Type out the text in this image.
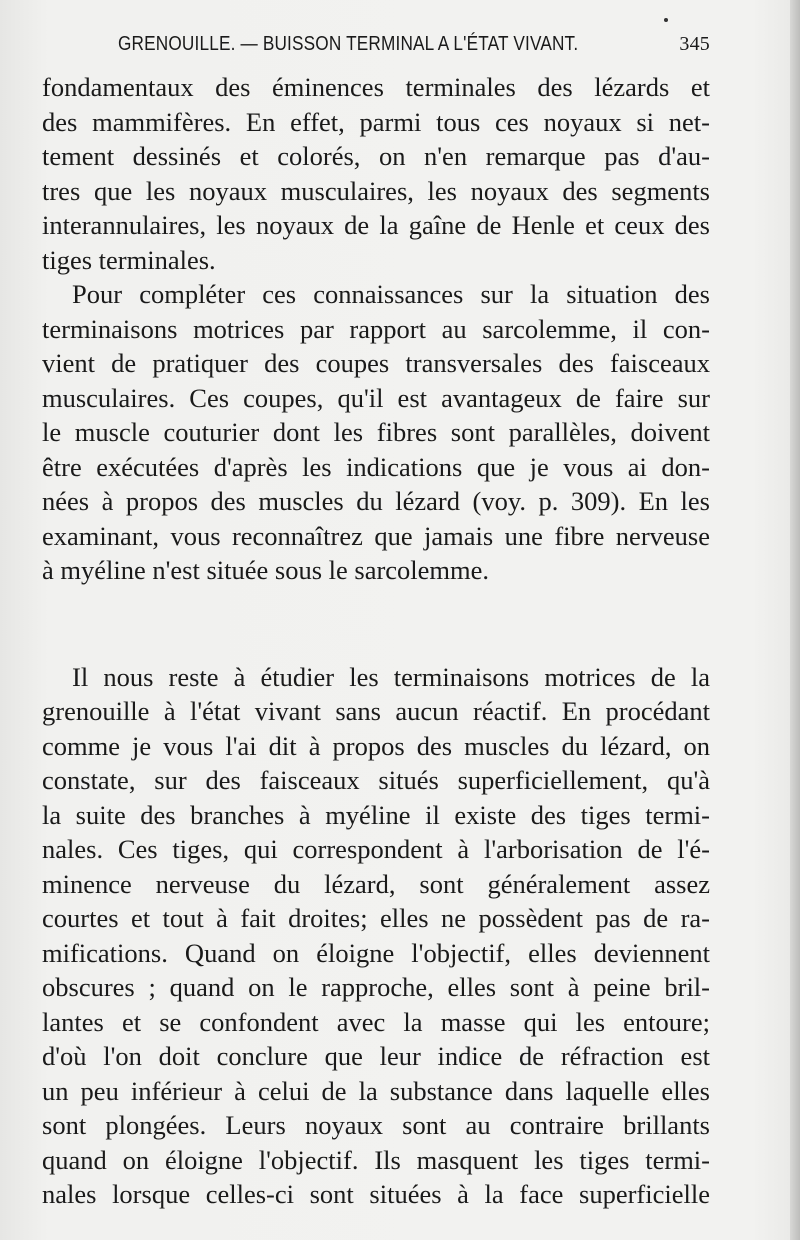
GRENOUILLE. — BUISSON TERMINAL A L'ÉTAT VIVANT.	345

fondamentaux des éminences terminales des lézards et

des mammifères. En effet, parmi tous ces noyaux si net-

tement dessinés et colorés, on n'en remarque pas d'au-

tres que les noyaux musculaires, les noyaux des segments

interannulaires, les noyaux de la gaîne de Henle et ceux des

tiges terminales.

Pour compléter ces connaissances sur la situation des

terminaisons motrices par rapport au sarcolemme, il con-

vient de pratiquer des coupes transversales des faisceaux

musculaires. Ces coupes, qu'il est avantageux de faire sur

le muscle couturier dont les fibres sont parallèles, doivent

être exécutées d'après les indications que je vous ai don-

nées à propos des muscles du lézard (voy. p. 309). En les

examinant, vous reconnaîtrez que jamais une fibre nerveuse

à myéline n'est située sous le sarcolemme.

Il nous reste à étudier les terminaisons motrices de la

grenouille à l'état vivant sans aucun réactif. En procédant

comme je vous l'ai dit à propos des muscles du lézard, on

constate, sur des faisceaux situés superficiellement, qu'à

la suite des branches à myéline il existe des tiges termi-

nales. Ces tiges, qui correspondent à l'arborisation de l'é-

minence nerveuse du lézard, sont généralement assez

courtes et tout à fait droites; elles ne possèdent pas de ra-

mifications. Quand on éloigne l'objectif, elles deviennent

obscures ; quand on le rapproche, elles sont à peine bril-

lantes et se confondent avec la masse qui les entoure;

d'où l'on doit conclure que leur indice de réfraction est

un peu inférieur à celui de la substance dans laquelle elles

sont plongées. Leurs noyaux sont au contraire brillants

quand on éloigne l'objectif. Ils masquent les tiges termi-

nales lorsque celles-ci sont situées à la face superficielle
